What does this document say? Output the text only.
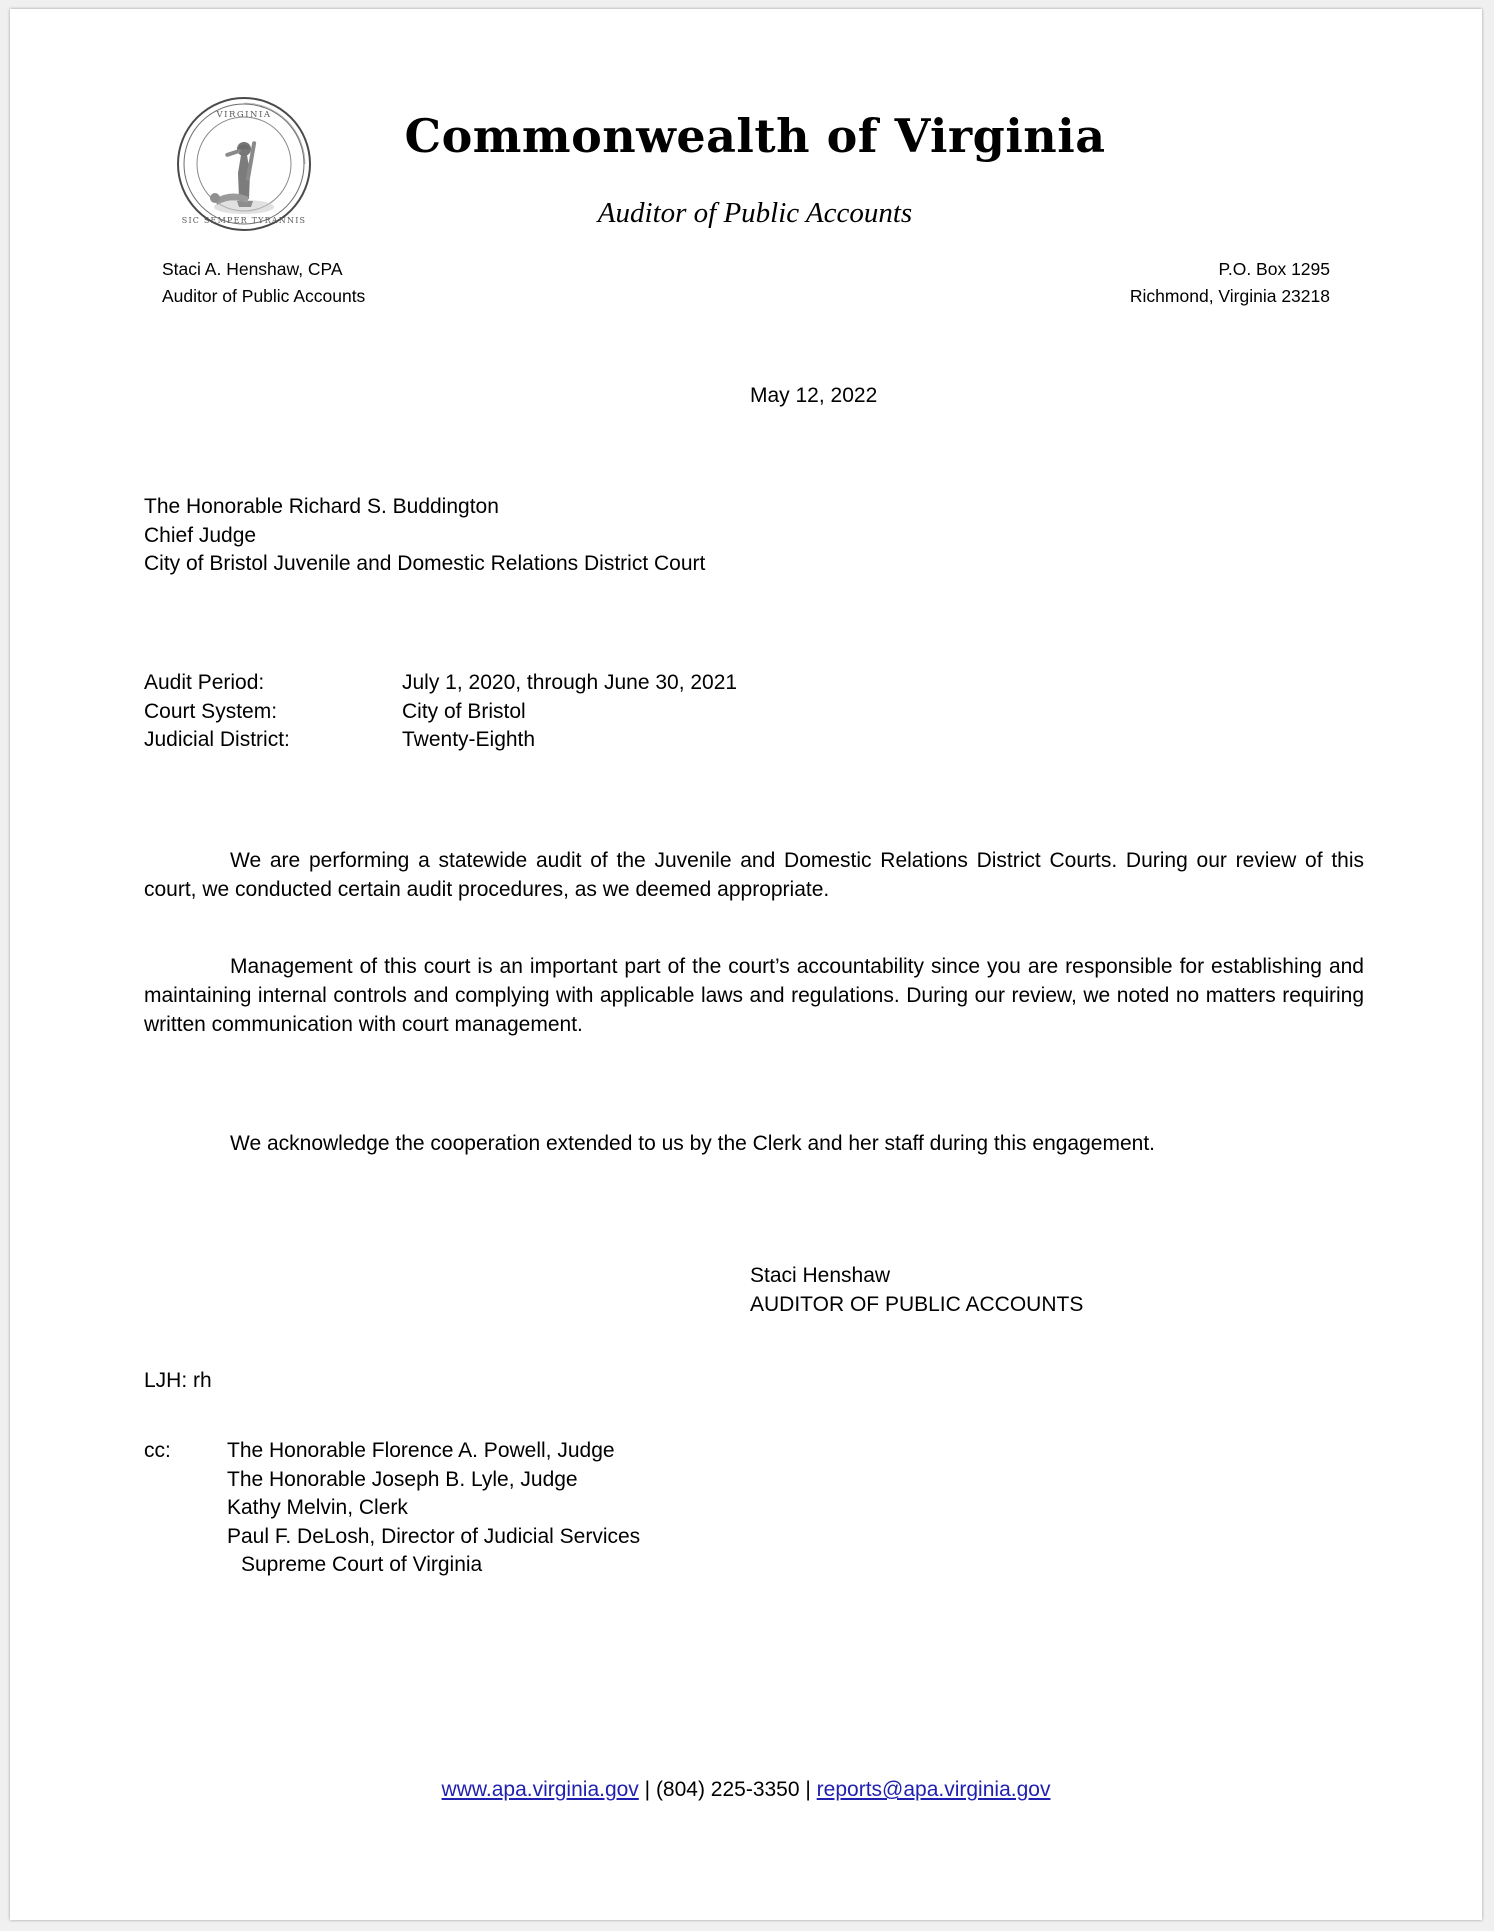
VIRGINIA
SIC SEMPER TYRANNIS
Commonwealth of Virginia
Auditor of Public Accounts
Staci A. Henshaw, CPA
Auditor of Public Accounts
P.O. Box 1295
Richmond, Virginia 23218
May 12, 2022
The Honorable Richard S. Buddington
Chief Judge
City of Bristol Juvenile and Domestic Relations District Court
Audit Period:	July 1, 2020, through June 30, 2021
Court System:	City of Bristol
Judicial District:	Twenty-Eighth
We are performing a statewide audit of the Juvenile and Domestic Relations District Courts. During our review of this court, we conducted certain audit procedures, as we deemed appropriate.
Management of this court is an important part of the court’s accountability since you are responsible for establishing and maintaining internal controls and complying with applicable laws and regulations. During our review, we noted no matters requiring written communication with court management.
We acknowledge the cooperation extended to us by the Clerk and her staff during this engagement.
Staci Henshaw
AUDITOR OF PUBLIC ACCOUNTS
LJH: rh
cc:	The Honorable Florence A. Powell, Judge
The Honorable Joseph B. Lyle, Judge
Kathy Melvin, Clerk
Paul F. DeLosh, Director of Judicial Services
Supreme Court of Virginia
www.apa.virginia.gov | (804) 225-3350 | reports@apa.virginia.gov
